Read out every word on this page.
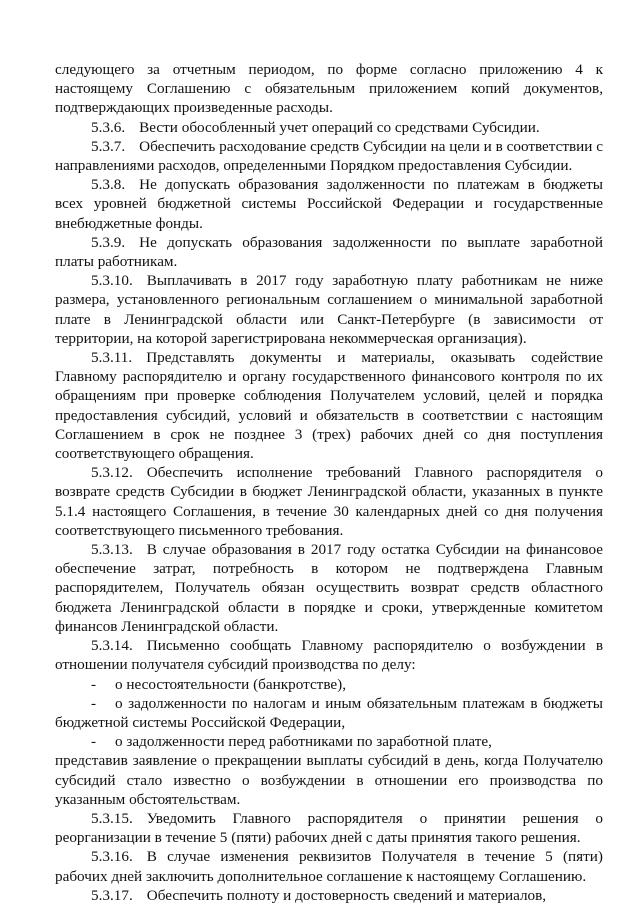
следующего за отчетным периодом, по форме согласно приложению 4 к настоящему Соглашению с обязательным приложением копий документов, подтверждающих произведенные расходы.

5.3.6. Вести обособленный учет операций со средствами Субсидии.

5.3.7. Обеспечить расходование средств Субсидии на цели и в соответствии с направлениями расходов, определенными Порядком предоставления Субсидии.

5.3.8. Не допускать образования задолженности по платежам в бюджеты всех уровней бюджетной системы Российской Федерации и государственные внебюджетные фонды.

5.3.9. Не допускать образования задолженности по выплате заработной платы работникам.

5.3.10. Выплачивать в 2017 году заработную плату работникам не ниже размера, установленного региональным соглашением о минимальной заработной плате в Ленинградской области или Санкт-Петербурге (в зависимости от территории, на которой зарегистрирована некоммерческая организация).

5.3.11. Представлять документы и материалы, оказывать содействие Главному распорядителю и органу государственного финансового контроля по их обращениям при проверке соблюдения Получателем условий, целей и порядка предоставления субсидий, условий и обязательств в соответствии с настоящим Соглашением в срок не позднее 3 (трех) рабочих дней со дня поступления соответствующего обращения.

5.3.12. Обеспечить исполнение требований Главного распорядителя о возврате средств Субсидии в бюджет Ленинградской области, указанных в пункте 5.1.4 настоящего Соглашения, в течение 30 календарных дней со дня получения соответствующего письменного требования.

5.3.13. В случае образования в 2017 году остатка Субсидии на финансовое обеспечение затрат, потребность в котором не подтверждена Главным распорядителем, Получатель обязан осуществить возврат средств областного бюджета Ленинградской области в порядке и сроки, утвержденные комитетом финансов Ленинградской области.

5.3.14. Письменно сообщать Главному распорядителю о возбуждении в отношении получателя субсидий производства по делу:

- о несостоятельности (банкротстве),

- о задолженности по налогам и иным обязательным платежам в бюджеты бюджетной системы Российской Федерации,

- о задолженности перед работниками по заработной плате,

представив заявление о прекращении выплаты субсидий в день, когда Получателю субсидий стало известно о возбуждении в отношении его производства по указанным обстоятельствам.

5.3.15. Уведомить Главного распорядителя о принятии решения о реорганизации в течение 5 (пяти) рабочих дней с даты принятия такого решения.

5.3.16. В случае изменения реквизитов Получателя в течение 5 (пяти) рабочих дней заключить дополнительное соглашение к настоящему Соглашению.

5.3.17. Обеспечить полноту и достоверность сведений и материалов,
